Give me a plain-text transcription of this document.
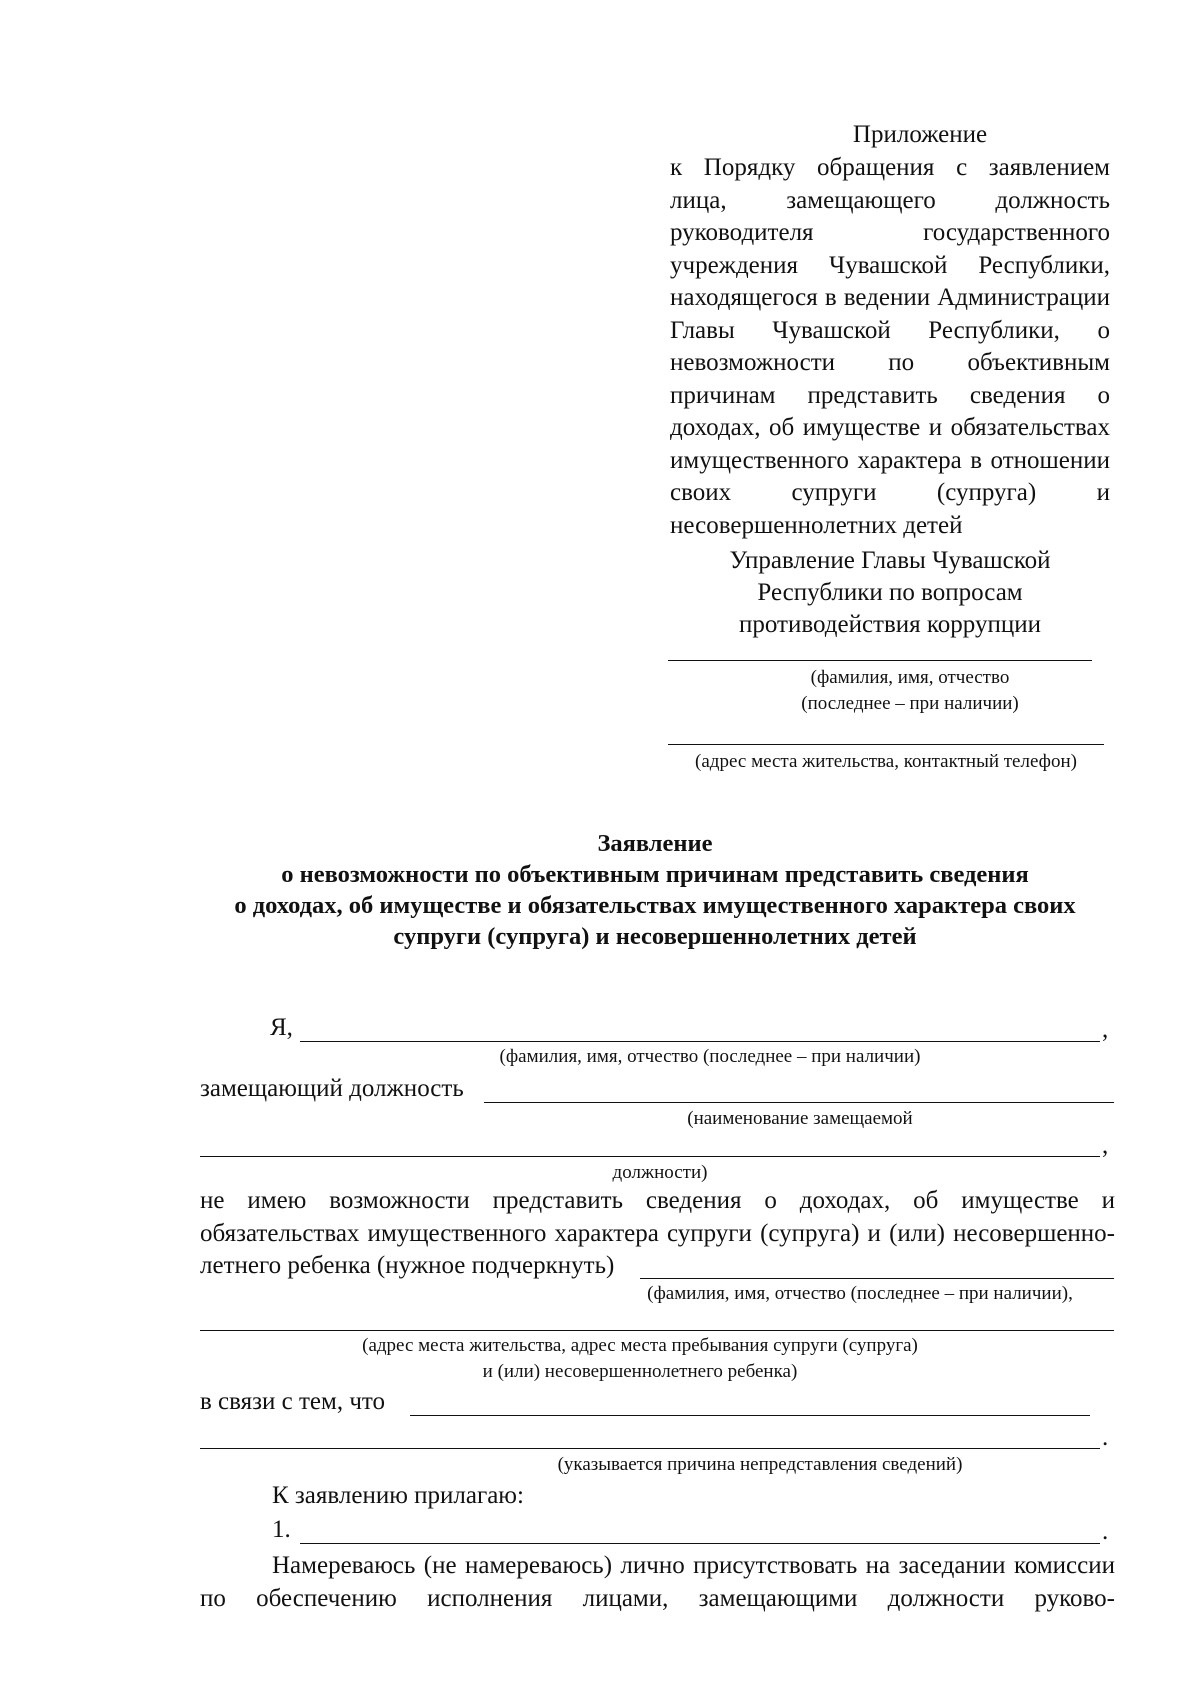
Приложение

к Порядку обращения с заявлением лица, замещающего должность руководителя государственного учреждения Чувашской Республики, находящегося в ведении Администрации Главы Чувашской Республики, о невозможности по объективным причинам представить сведения о доходах, об имуществе и обязательствах имущественного характера в отношении своих супруги (супруга) и несовершеннолетних детей

Управление Главы Чувашской
Республики по вопросам
противодействия коррупции
(фамилия, имя, отчество
(последнее – при наличии)
(адрес места жительства, контактный телефон)
Заявление
о невозможности по объективным причинам представить сведения
о доходах, об имуществе и обязательствах имущественного характера своих
супруги (супруга) и несовершеннолетних детей
Я,	,
(фамилия, имя, отчество (последнее – при наличии)
замещающий должность
(наименование замещаемой
,
должности)
не имею возможности представить сведения о доходах, об имуществе и обязательствах имущественного характера супруги (супруга) и (или) несовершенно-
летнего ребенка (нужное подчеркнуть)
(фамилия, имя, отчество (последнее – при наличии),
(адрес места жительства, адрес места пребывания супруги (супруга)
и (или) несовершеннолетнего ребенка)
в связи с тем, что
.
(указывается причина непредставления сведений)
К заявлению прилагаю:
1.	.
Намереваюсь (не намереваюсь) лично присутствовать на заседании комиссии по обеспечению исполнения лицами, замещающими должности руково-
